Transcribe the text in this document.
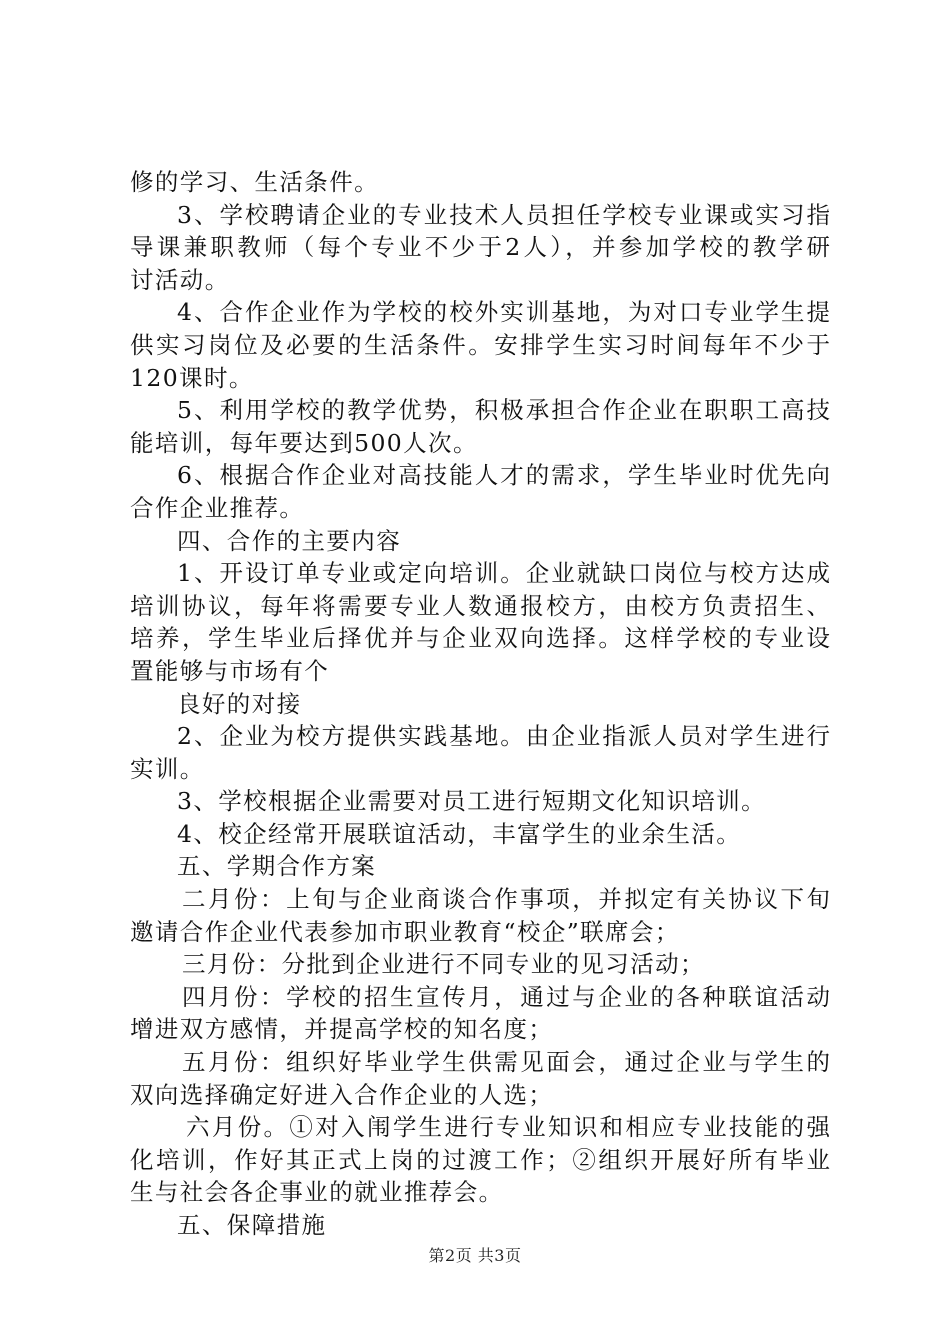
修的学习、生活条件。
3、学校聘请企业的专业技术人员担任学校专业课或实习指
导课兼职教师（每个专业不少于2人），并参加学校的教学研
讨活动。
4、合作企业作为学校的校外实训基地，为对口专业学生提
供实习岗位及必要的生活条件。安排学生实习时间每年不少于
120课时。
5、利用学校的教学优势，积极承担合作企业在职职工高技
能培训，每年要达到500人次。
6、根据合作企业对高技能人才的需求，学生毕业时优先向
合作企业推荐。
四、合作的主要内容
1、开设订单专业或定向培训。企业就缺口岗位与校方达成
培训协议，每年将需要专业人数通报校方，由校方负责招生、
培养，学生毕业后择优并与企业双向选择。这样学校的专业设
置能够与市场有个
良好的对接
2、企业为校方提供实践基地。由企业指派人员对学生进行
实训。
3、学校根据企业需要对员工进行短期文化知识培训。
4、校企经常开展联谊活动，丰富学生的业余生活。
五、学期合作方案
二月份：上旬与企业商谈合作事项，并拟定有关协议下旬
邀请合作企业代表参加市职业教育“校企”联席会；
三月份：分批到企业进行不同专业的见习活动；
四月份：学校的招生宣传月，通过与企业的各种联谊活动
增进双方感情，并提高学校的知名度；
五月份：组织好毕业学生供需见面会，通过企业与学生的
双向选择确定好进入合作企业的人选；
六月份。①对入闱学生进行专业知识和相应专业技能的强
化培训，作好其正式上岗的过渡工作；②组织开展好所有毕业
生与社会各企事业的就业推荐会。
五、保障措施
第2页 共3页
